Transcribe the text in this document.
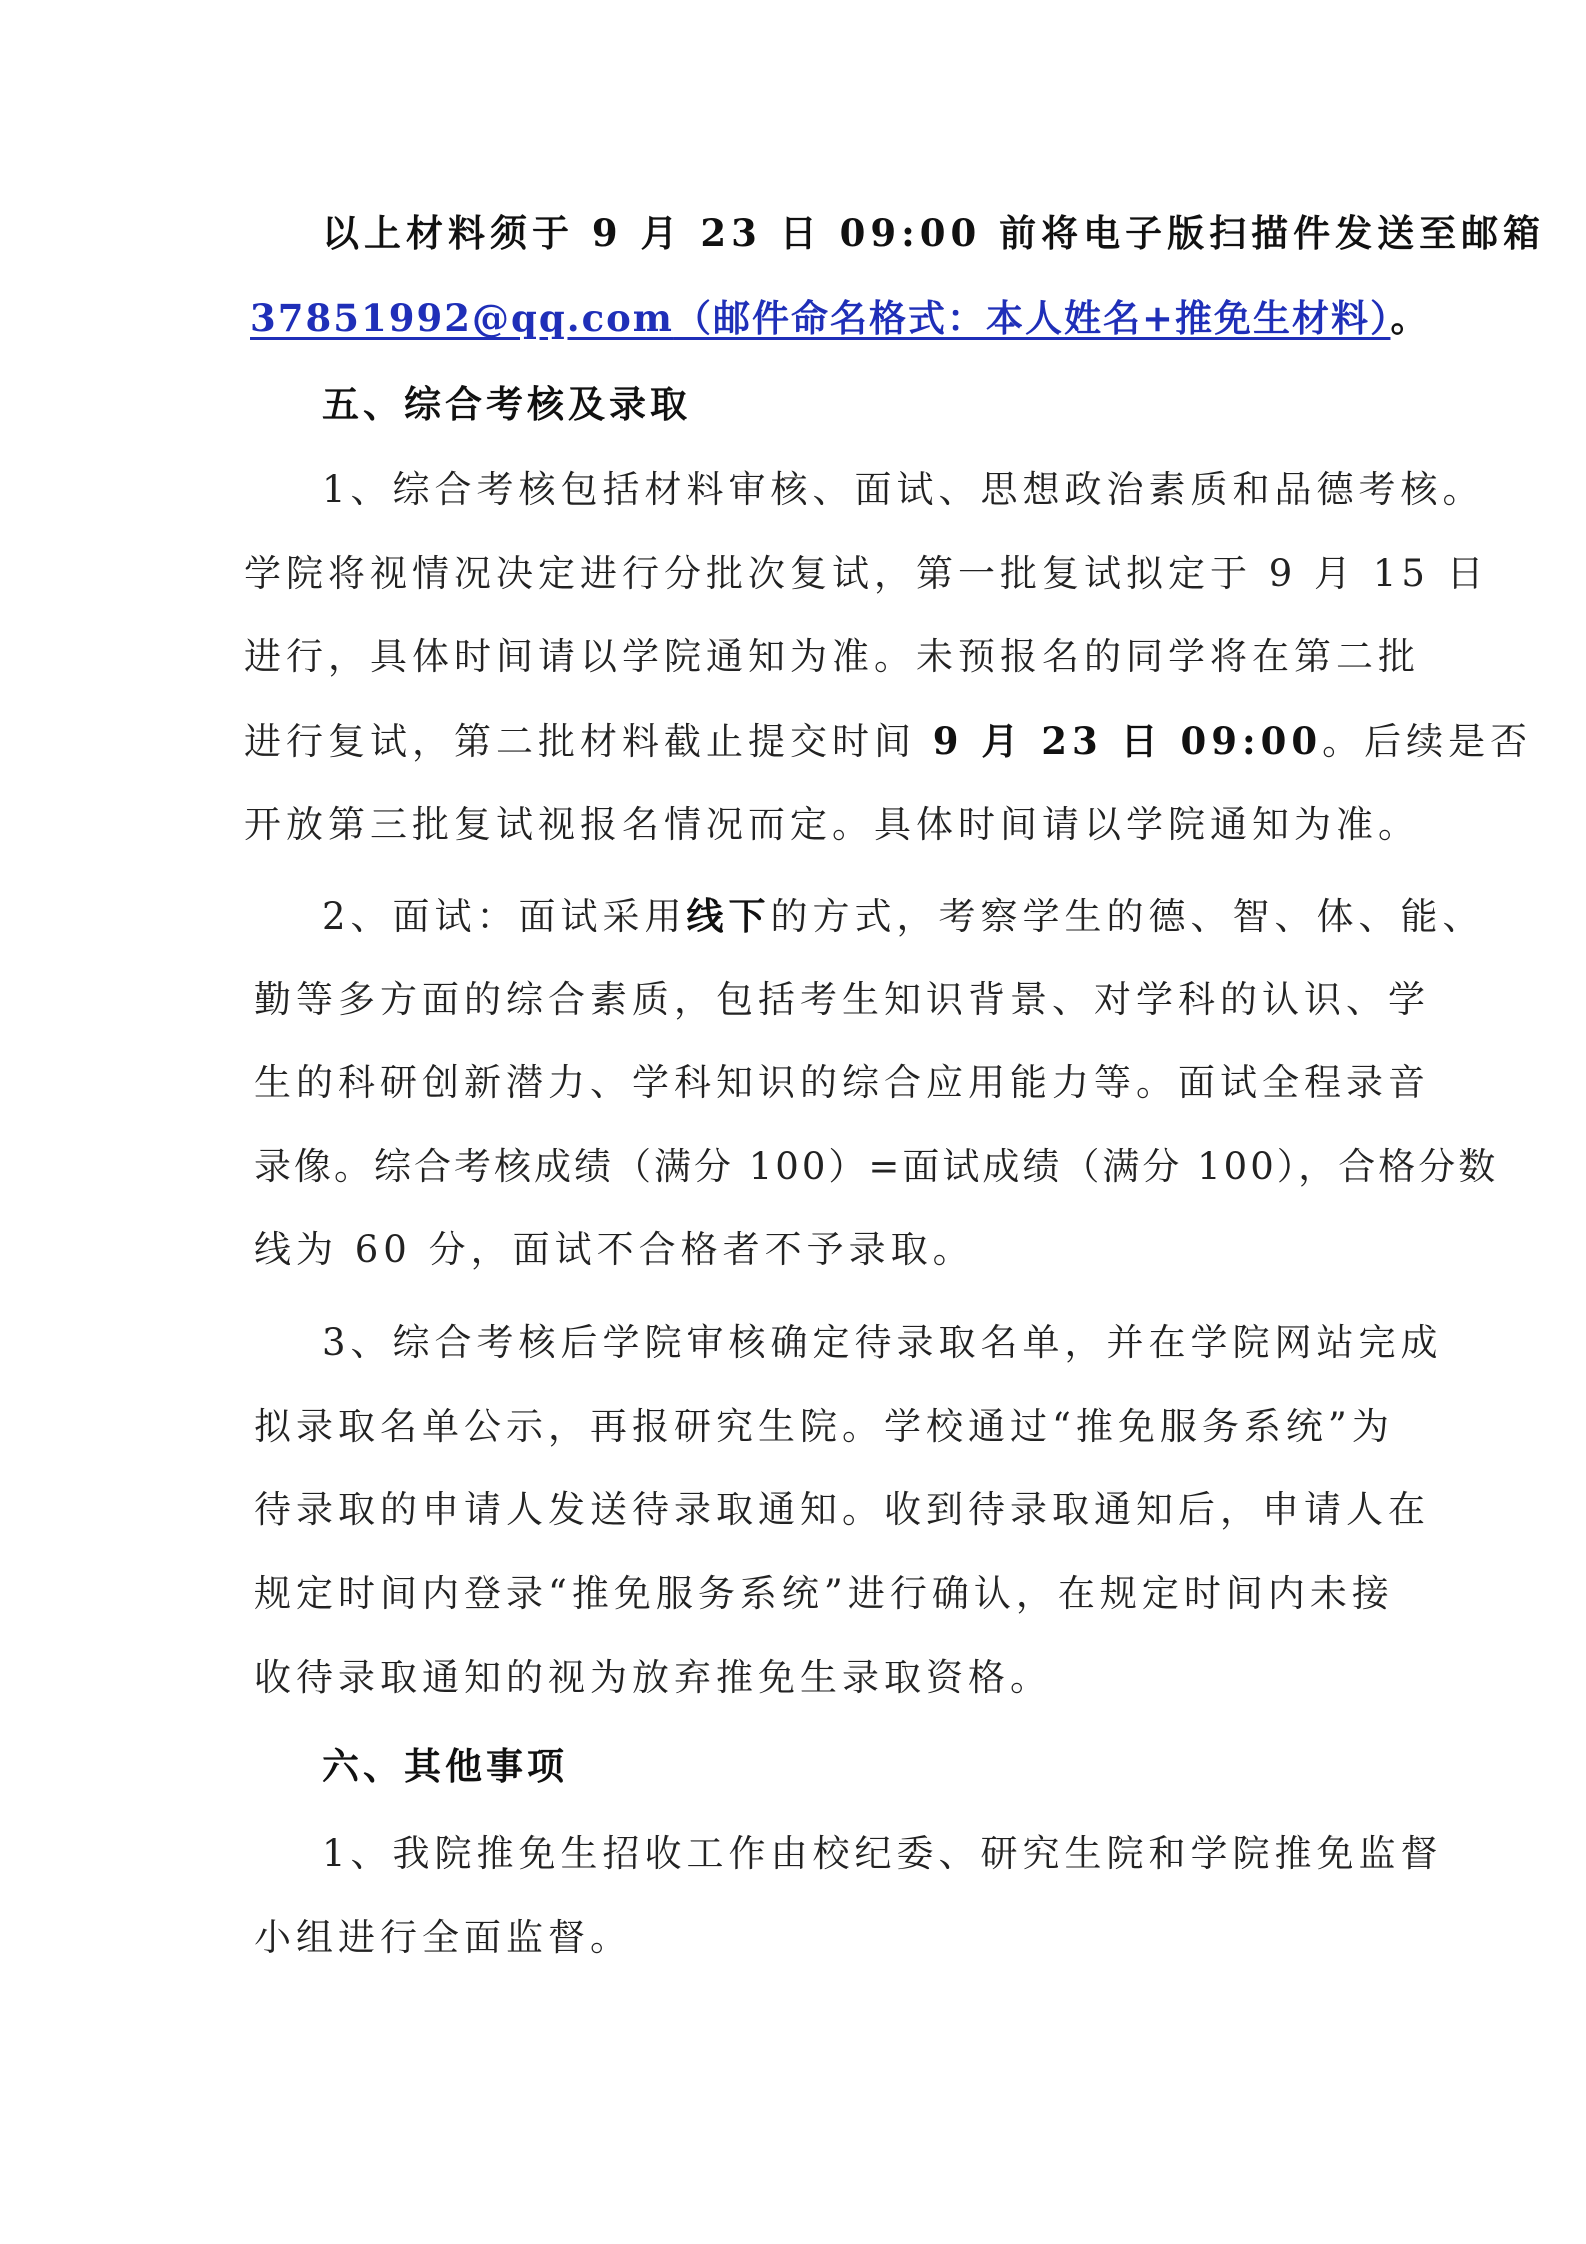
以上材料须于 9 月 23 日 09:00 前将电子版扫描件发送至邮箱
37851992@qq.com（邮件命名格式：本人姓名+推免生材料）。
五、综合考核及录取
1、综合考核包括材料审核、面试、思想政治素质和品德考核。
学院将视情况决定进行分批次复试，第一批复试拟定于 9 月 15 日
进行，具体时间请以学院通知为准。未预报名的同学将在第二批
进行复试，第二批材料截止提交时间 9 月 23 日 09:00。后续是否
开放第三批复试视报名情况而定。具体时间请以学院通知为准。
2、面试：面试采用线下的方式，考察学生的德、智、体、能、
勤等多方面的综合素质，包括考生知识背景、对学科的认识、学
生的科研创新潜力、学科知识的综合应用能力等。面试全程录音
录像。综合考核成绩（满分 100）=面试成绩（满分 100），合格分数
线为 60 分，面试不合格者不予录取。
3、综合考核后学院审核确定待录取名单，并在学院网站完成
拟录取名单公示，再报研究生院。学校通过“推免服务系统”为
待录取的申请人发送待录取通知。收到待录取通知后，申请人在
规定时间内登录“推免服务系统”进行确认，在规定时间内未接
收待录取通知的视为放弃推免生录取资格。
六、其他事项
1、我院推免生招收工作由校纪委、研究生院和学院推免监督
小组进行全面监督。
